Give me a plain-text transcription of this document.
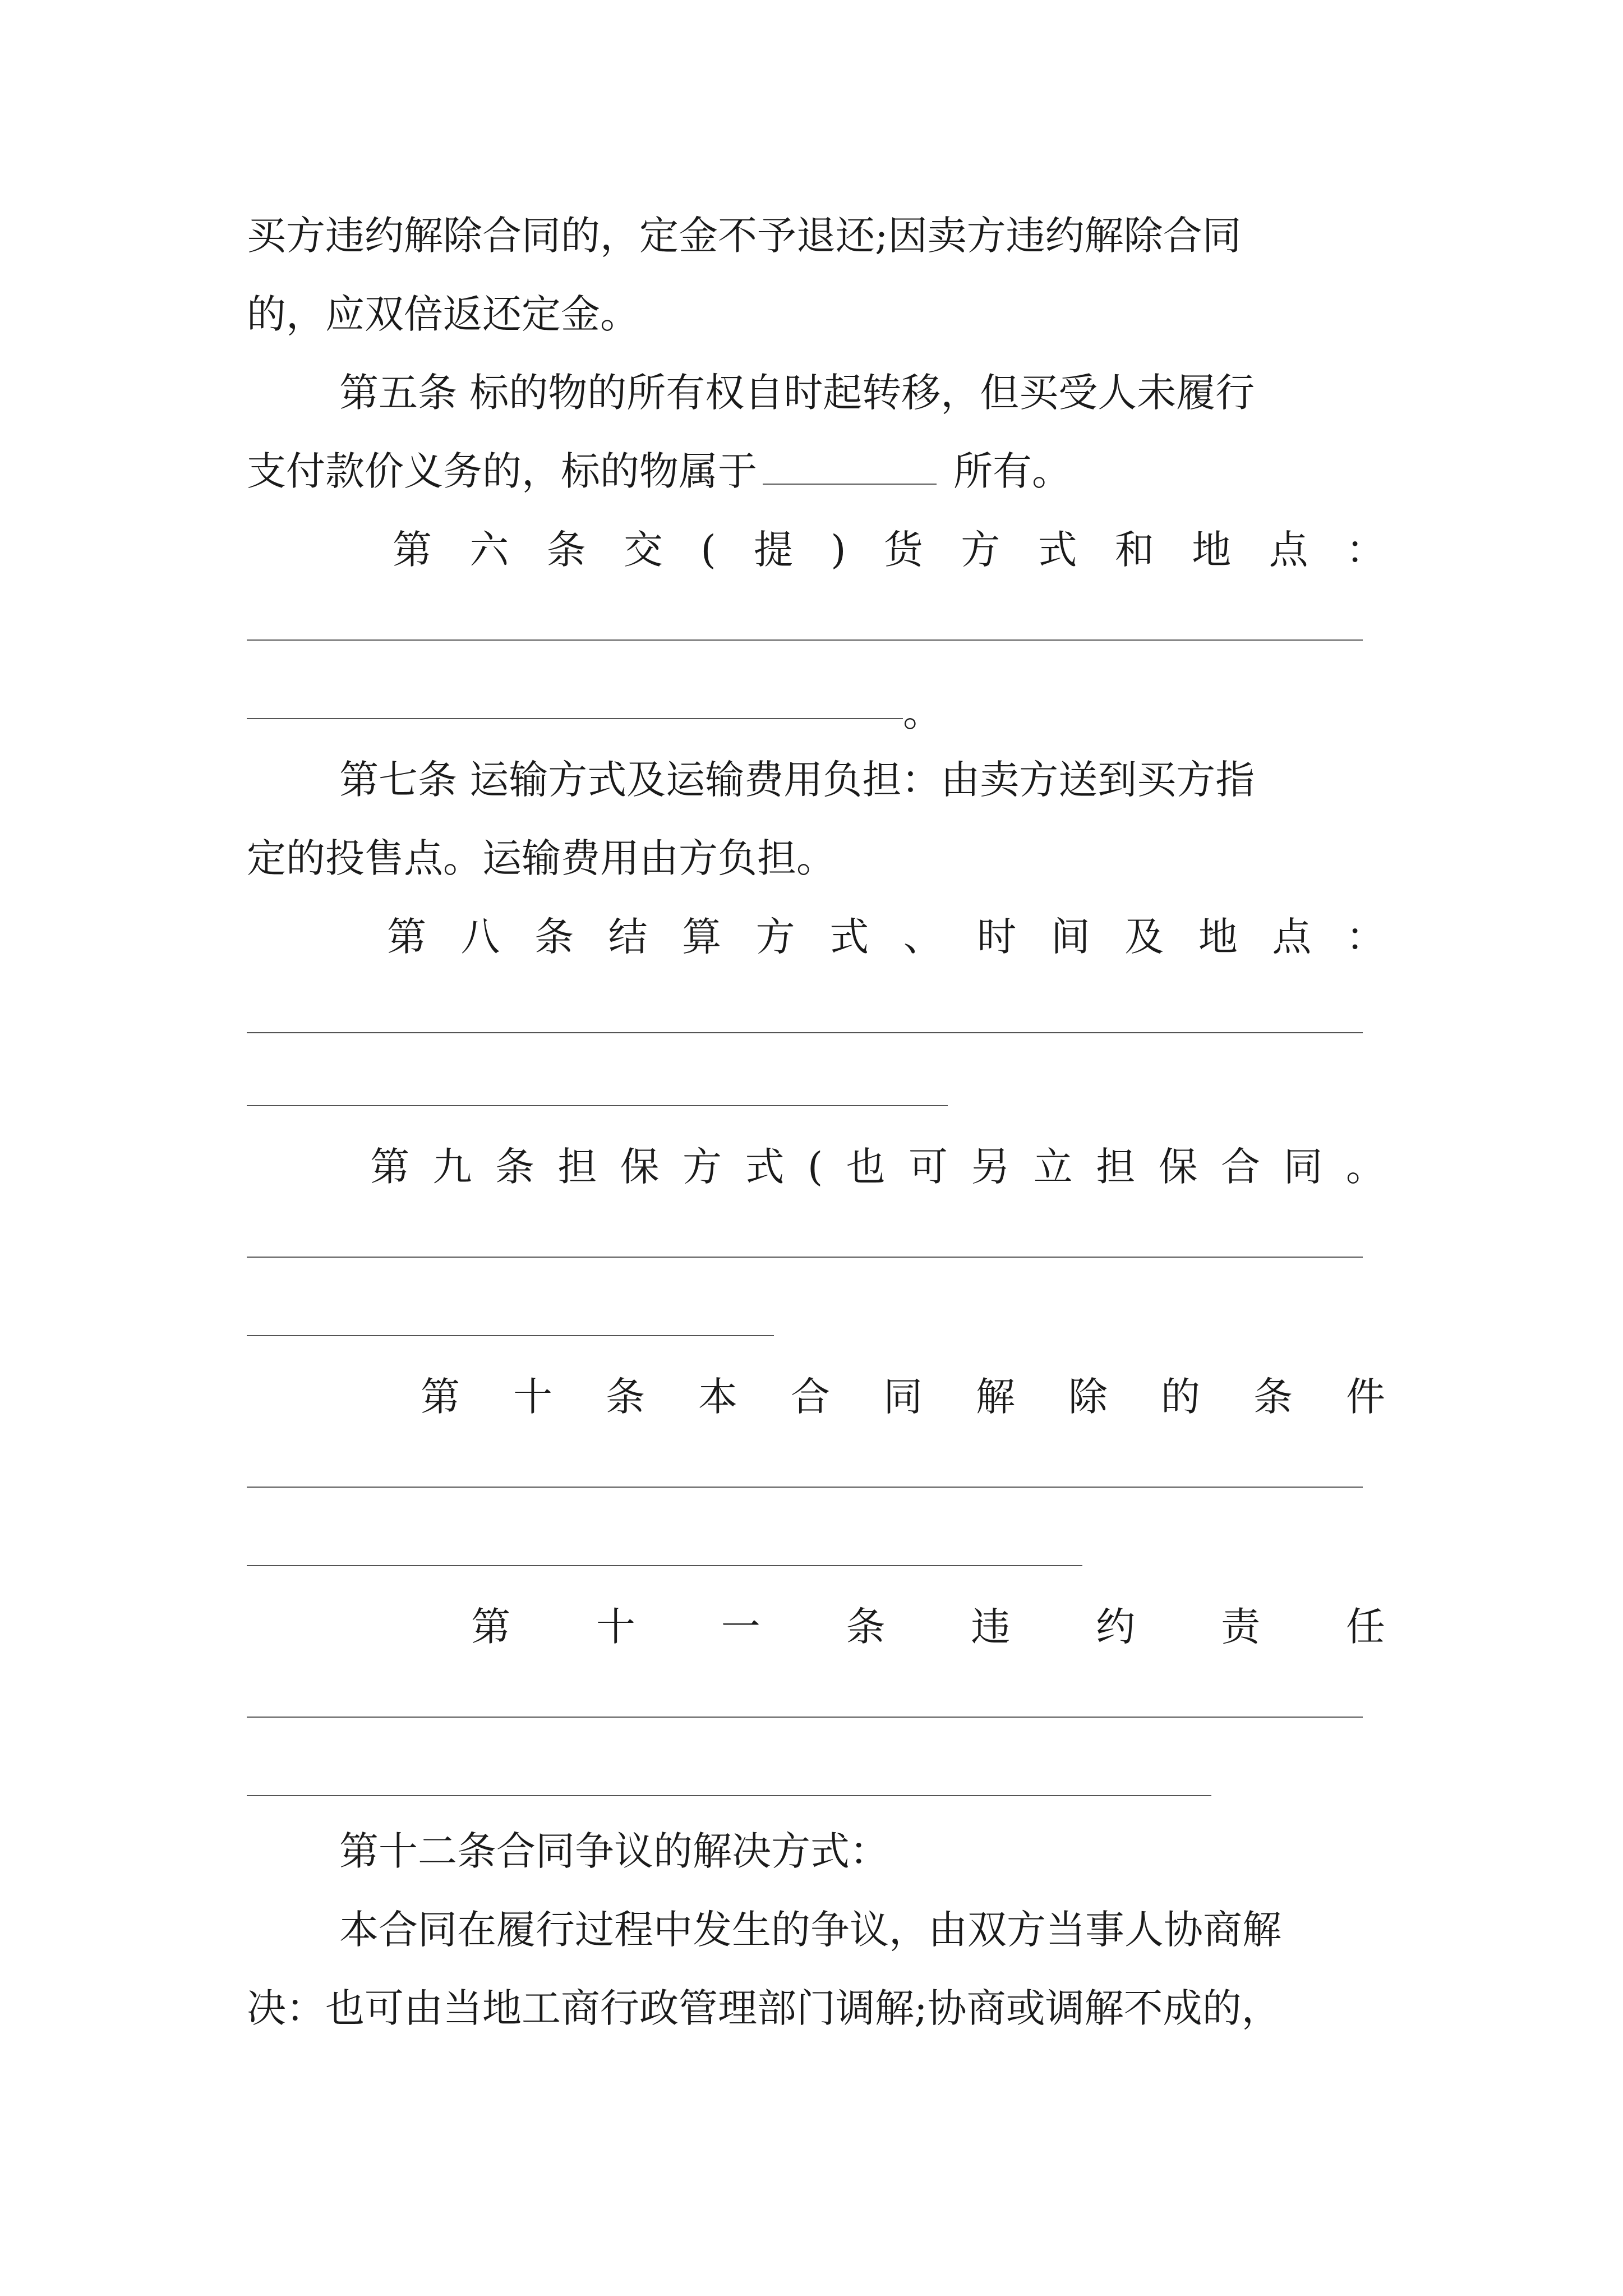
买方违约解除合同的，定金不予退还;因卖方违约解除合同
的，应双倍返还定金。
第五条 标的物的所有权自时起转移，但买受人未履行
支付款价义务的，标的物属于	所有。
第 六 条 交 ( 提 ) 货 方 式 和 地 点 ：
。
第七条 运输方式及运输费用负担：由卖方送到买方指
定的投售点。运输费用由方负担。
第 八 条 结 算 方 式 、 时 间 及 地 点 ：
第 九 条 担 保 方 式 ( 也 可 另 立 担 保 合 同 。
第 十 条 本 合 同 解 除 的 条 件
第 十 一 条 违 约 责 任
第十二条合同争议的解决方式：
本合同在履行过程中发生的争议，由双方当事人协商解
决：也可由当地工商行政管理部门调解;协商或调解不成的，
